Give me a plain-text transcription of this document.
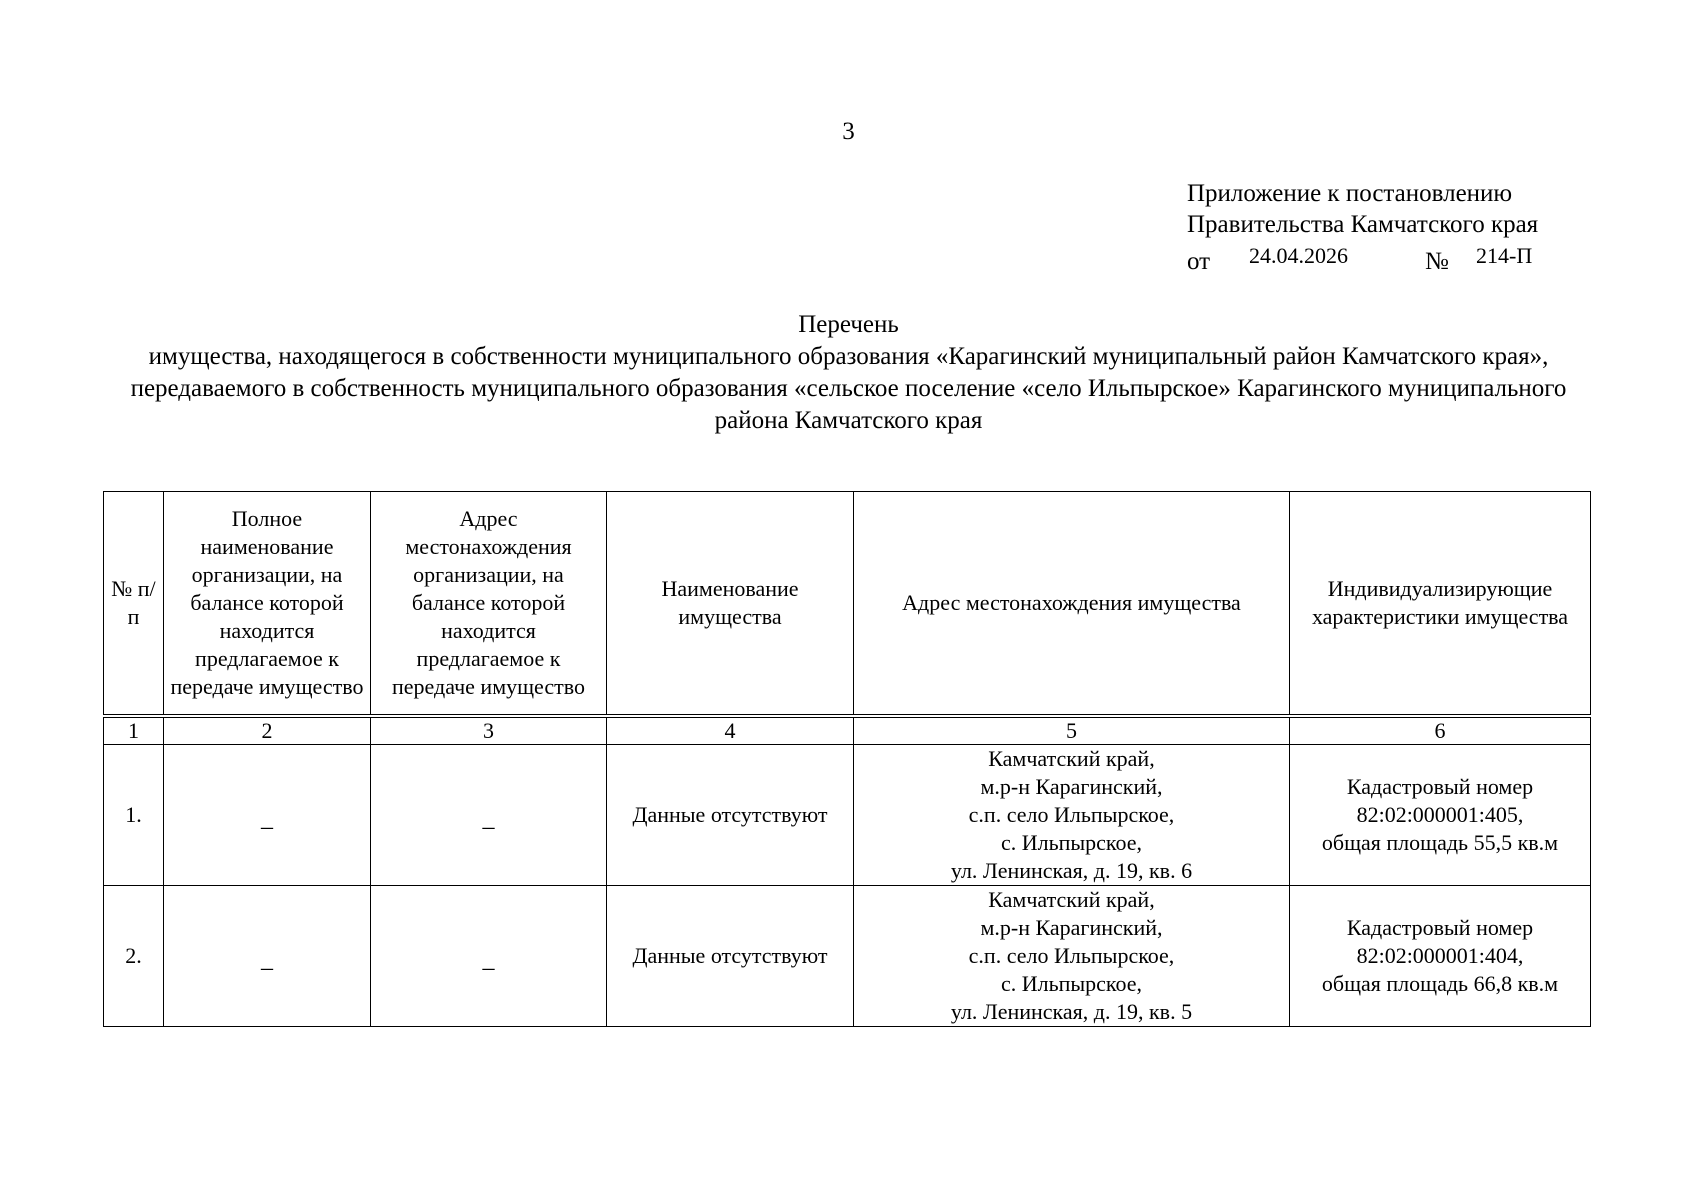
3
Приложение к постановлению
Правительства Камчатского края
от 24.04.2026	№ 214-П
Перечень
имущества, находящегося в собственности муниципального образования «Карагинский муниципальный район Камчатского края», передаваемого в собственность муниципального образования «сельское поселение «село Ильпырское» Карагинского муниципального района Камчатского края
№ п/п	Полное наименование организации, на балансе которой находится предлагаемое к передаче имущество	Адрес местонахождения организации, на балансе которой находится предлагаемое к передаче имущество	Наименование имущества	Адрес местонахождения имущества	Индивидуализирующие характеристики имущества
1	2	3	4	5	6
1.	_	_	Данные отсутствуют	Камчатский край,
м.р-н Карагинский,
с.п. село Ильпырское,
с. Ильпырское,
ул. Ленинская, д. 19, кв. 6	Кадастровый номер
82:02:000001:405,
общая площадь 55,5 кв.м

2.	_	_	Данные отсутствуют	Камчатский край,
м.р-н Карагинский,
с.п. село Ильпырское,
с. Ильпырское,
ул. Ленинская, д. 19, кв. 5	Кадастровый номер
82:02:000001:404,
общая площадь 66,8 кв.м
